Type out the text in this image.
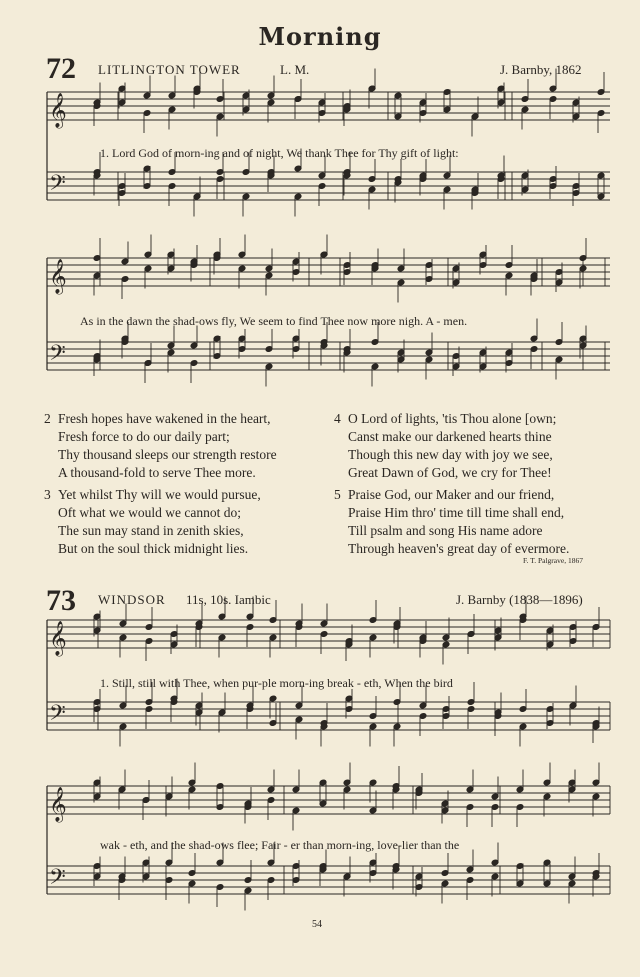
Morning
72 LITLINGTON TOWER	L. M.	J. Barnby, 1862
𝄞
𝄢
𝄞
𝄢
𝄞
𝄢
𝄞
𝄢
1. Lord God of morn-ing and of night, We thank Thee for Thy gift of light:
As in the dawn the shad-ows fly, We seem to find Thee now more nigh. A - men.
2 Fresh hopes have wakened in the heart,
Fresh force to do our daily part;
Thy thousand sleeps our strength restore
A thousand-fold to serve Thee more.
3 Yet whilst Thy will we would pursue,
Oft what we would we cannot do;
The sun may stand in zenith skies,
But on the soul thick midnight lies.
4 O Lord of lights, 'tis Thou alone [own;
Canst make our darkened hearts thine
Though this new day with joy we see,
Great Dawn of God, we cry for Thee!
5 Praise God, our Maker and our friend,
Praise Him thro' time till time shall end,
Till psalm and song His name adore
Through heaven's great day of evermore.
F. T. Palgrave, 1867
73 WINDSOR 11s, 10s. Iambic	J. Barnby (1838—1896)
1. Still, still with Thee, when pur-ple morn-ing break - eth, When the bird
wak - eth, and the shad-ows flee; Fair - er than morn-ing, love-lier than the
54
